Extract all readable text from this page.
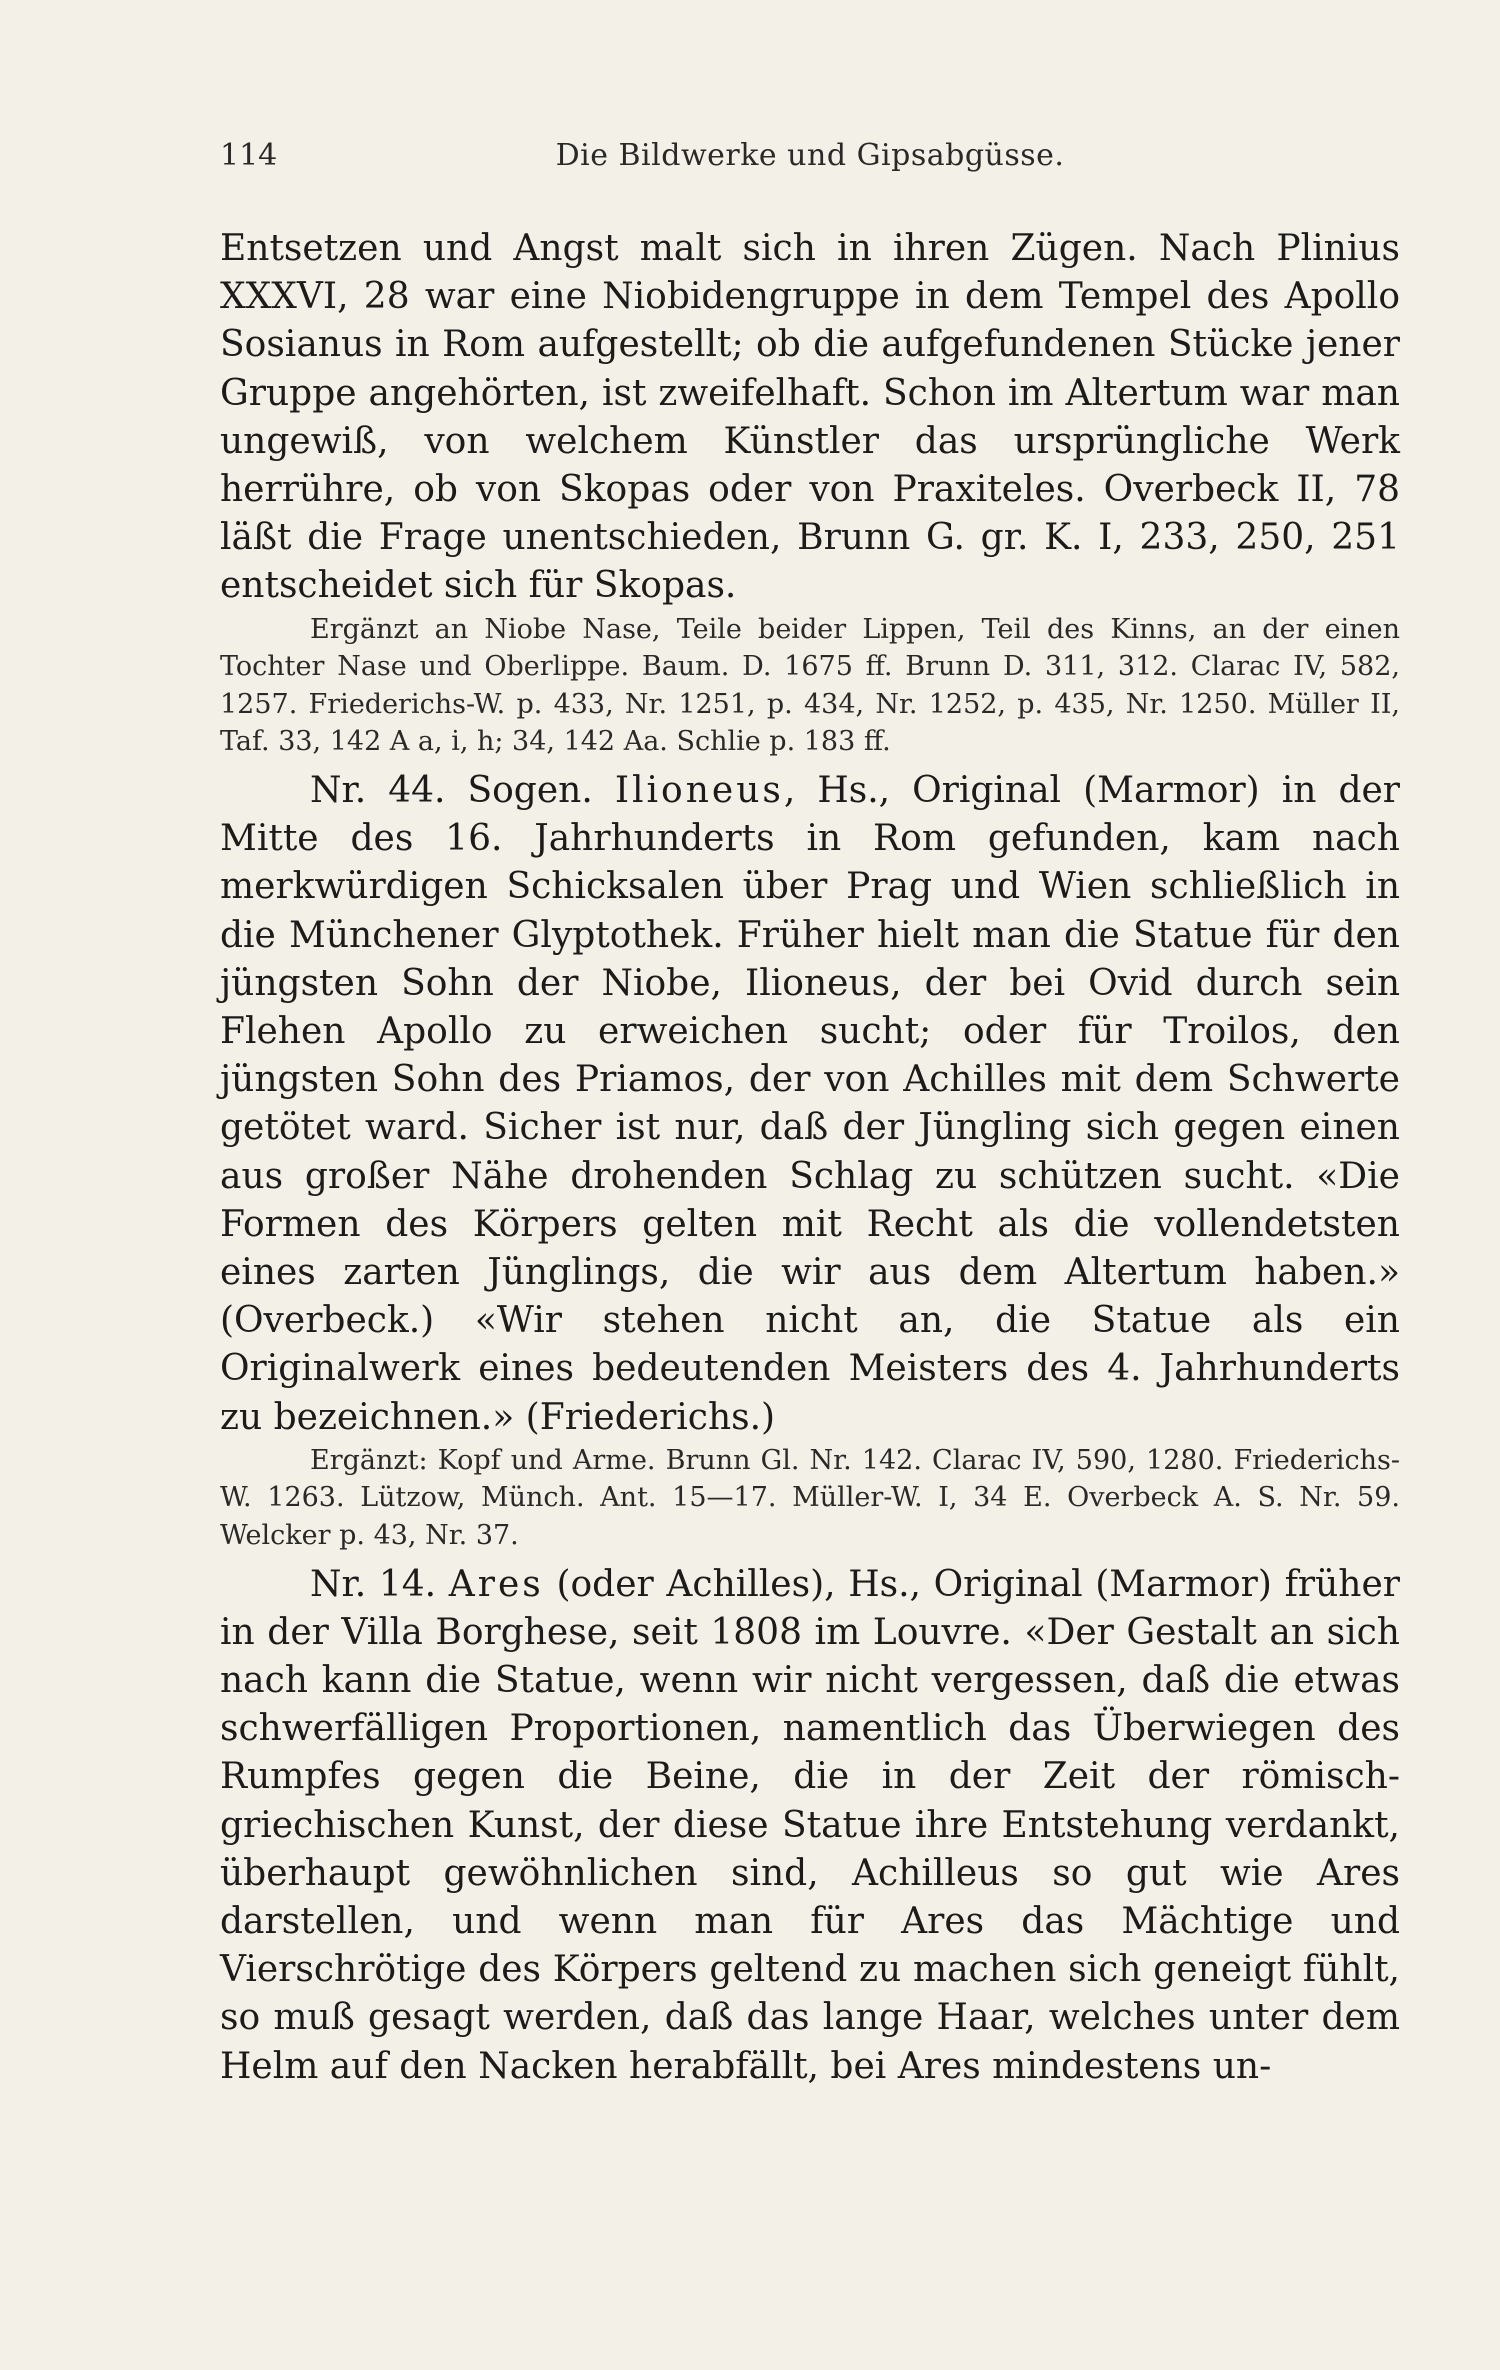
114	Die Bildwerke und Gipsabgüsse.

Entsetzen und Angst malt sich in ihren Zügen. Nach Plinius XXXVI, 28 war eine Niobidengruppe in dem Tempel des Apollo Sosianus in Rom aufgestellt; ob die aufgefundenen Stücke jener Gruppe angehörten, ist zweifelhaft. Schon im Altertum war man ungewiß, von welchem Künstler das ursprüngliche Werk herrühre, ob von Skopas oder von Praxiteles. Overbeck II, 78 läßt die Frage unentschieden, Brunn G. gr. K. I, 233, 250, 251 entscheidet sich für Skopas.

Ergänzt an Niobe Nase, Teile beider Lippen, Teil des Kinns, an der einen Tochter Nase und Oberlippe. Baum. D. 1675 ff. Brunn D. 311, 312. Clarac IV, 582, 1257. Friederichs-W. p. 433, Nr. 1251, p. 434, Nr. 1252, p. 435, Nr. 1250. Müller II, Taf. 33, 142 A a, i, h; 34, 142 Aa. Schlie p. 183 ff.

Nr. 44. Sogen. Ilioneus, Hs., Original (Marmor) in der Mitte des 16. Jahrhunderts in Rom gefunden, kam nach merkwürdigen Schicksalen über Prag und Wien schließlich in die Münchener Glyptothek. Früher hielt man die Statue für den jüngsten Sohn der Niobe, Ilioneus, der bei Ovid durch sein Flehen Apollo zu erweichen sucht; oder für Troilos, den jüngsten Sohn des Priamos, der von Achilles mit dem Schwerte getötet ward. Sicher ist nur, daß der Jüngling sich gegen einen aus großer Nähe drohenden Schlag zu schützen sucht. «Die Formen des Körpers gelten mit Recht als die vollendetsten eines zarten Jünglings, die wir aus dem Altertum haben.» (Overbeck.) «Wir stehen nicht an, die Statue als ein Originalwerk eines bedeutenden Meisters des 4. Jahrhunderts zu bezeichnen.» (Friederichs.)

Ergänzt: Kopf und Arme. Brunn Gl. Nr. 142. Clarac IV, 590, 1280. Friederichs-W. 1263. Lützow, Münch. Ant. 15—17. Müller-W. I, 34 E. Overbeck A. S. Nr. 59. Welcker p. 43, Nr. 37.

Nr. 14. Ares (oder Achilles), Hs., Original (Marmor) früher in der Villa Borghese, seit 1808 im Louvre. «Der Gestalt an sich nach kann die Statue, wenn wir nicht vergessen, daß die etwas schwerfälligen Proportionen, namentlich das Überwiegen des Rumpfes gegen die Beine, die in der Zeit der römisch-griechischen Kunst, der diese Statue ihre Entstehung verdankt, überhaupt gewöhnlichen sind, Achilleus so gut wie Ares darstellen, und wenn man für Ares das Mächtige und Vierschrötige des Körpers geltend zu machen sich geneigt fühlt, so muß gesagt werden, daß das lange Haar, welches unter dem Helm auf den Nacken herabfällt, bei Ares mindestens un-
